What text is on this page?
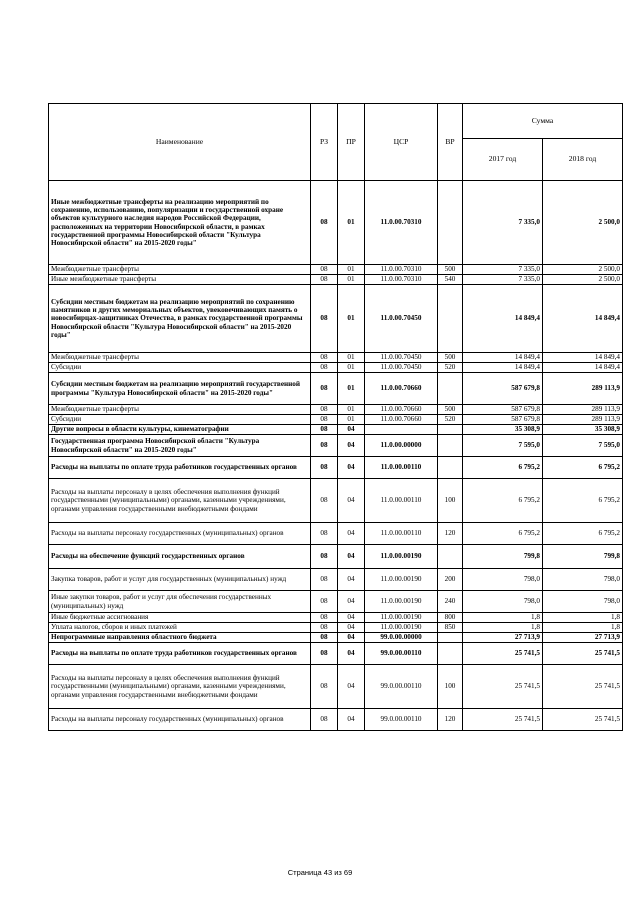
Наименование	РЗ	ПР	ЦСР	ВР	Сумма	
					2017 год	2018 год
Иные межбюджетные трансферты на реализацию мероприятий по сохранению, использованию, популяризации и государственной охране объектов культурного наследия народов Российской Федерации, расположенных на территории Новосибирской области, в рамках государственной программы Новосибирской области "Культура Новосибирской области" на 2015-2020 годы"	08	01	11.0.00.70310		7 335,0	2 500,0
Межбюджетные трансферты	08	01	11.0.00.70310	500	7 335,0	2 500,0
Иные межбюджетные трансферты	08	01	11.0.00.70310	540	7 335,0	2 500,0
Субсидии местным бюджетам на реализацию мероприятий по сохранению памятников и других мемориальных объектов, увековечивающих память о новосибирцах-защитниках Отечества, в рамках государственной программы Новосибирской области "Культура Новосибирской области" на 2015-2020 годы"	08	01	11.0.00.70450		14 849,4	14 849,4
Межбюджетные трансферты	08	01	11.0.00.70450	500	14 849,4	14 849,4
Субсидии	08	01	11.0.00.70450	520	14 849,4	14 849,4
Субсидии местным бюджетам на реализацию мероприятий государственной программы "Культура Новосибирской области" на 2015-2020 годы"	08	01	11.0.00.70660		587 679,8	289 113,9
Межбюджетные трансферты	08	01	11.0.00.70660	500	587 679,8	289 113,9
Субсидии	08	01	11.0.00.70660	520	587 679,8	289 113,9
Другие вопросы в области культуры, кинематографии	08	04			35 308,9	35 308,9
Государственная программа Новосибирской области "Культура Новосибирской области" на 2015-2020 годы"	08	04	11.0.00.00000		7 595,0	7 595,0
Расходы на выплаты по оплате труда работников государственных органов	08	04	11.0.00.00110		6 795,2	6 795,2
Расходы на выплаты персоналу в целях обеспечения выполнения функций государственными (муниципальными) органами, казенными учреждениями, органами управления государственными внебюджетными фондами	08	04	11.0.00.00110	100	6 795,2	6 795,2
Расходы на выплаты персоналу государственных (муниципальных) органов	08	04	11.0.00.00110	120	6 795,2	6 795,2
Расходы на обеспечение функций государственных органов	08	04	11.0.00.00190		799,8	799,8
Закупка товаров, работ и услуг для государственных (муниципальных) нужд	08	04	11.0.00.00190	200	798,0	798,0
Иные закупки товаров, работ и услуг для обеспечения государственных (муниципальных) нужд	08	04	11.0.00.00190	240	798,0	798,0
Иные бюджетные ассигнования	08	04	11.0.00.00190	800	1,8	1,8
Уплата налогов, сборов и иных платежей	08	04	11.0.00.00190	850	1,8	1,8
Непрограммные направления областного бюджета	08	04	99.0.00.00000		27 713,9	27 713,9
Расходы на выплаты по оплате труда работников государственных органов	08	04	99.0.00.00110		25 741,5	25 741,5
Расходы на выплаты персоналу в целях обеспечения выполнения функций государственными (муниципальными) органами, казенными учреждениями, органами управления государственными внебюджетными фондами	08	04	99.0.00.00110	100	25 741,5	25 741,5
Расходы на выплаты персоналу государственных (муниципальных) органов	08	04	99.0.00.00110	120	25 741,5	25 741,5
Страница 43 из 69
